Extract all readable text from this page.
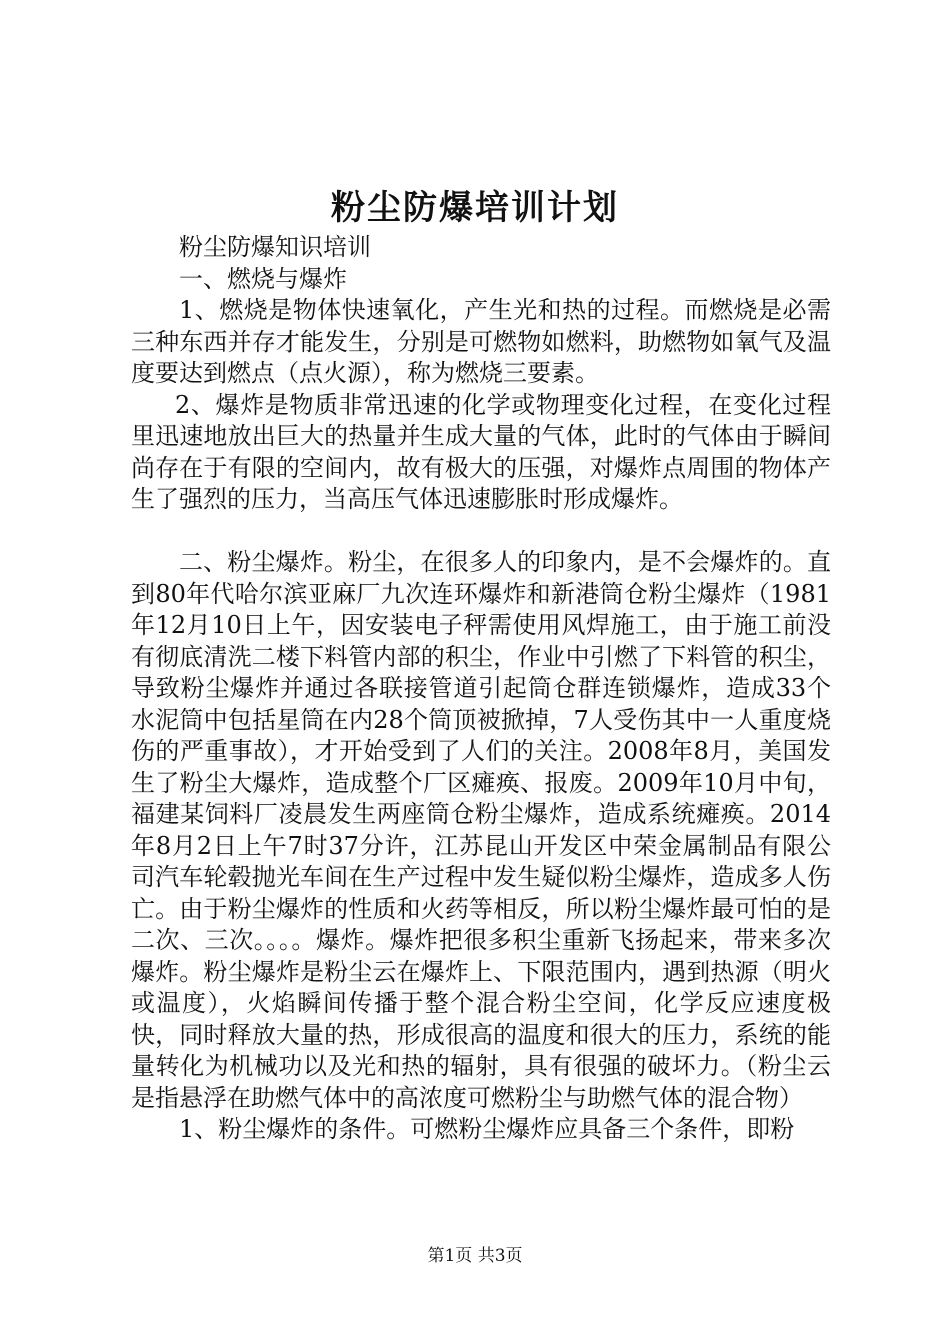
粉尘防爆培训计划

粉尘防爆知识培训

一、燃烧与爆炸

1、燃烧是物体快速氧化，产生光和热的过程。而燃烧是必需三种东西并存才能发生，分别是可燃物如燃料，助燃物如氧气及温度要达到燃点（点火源），称为燃烧三要素。

2、爆炸是物质非常迅速的化学或物理变化过程，在变化过程里迅速地放出巨大的热量并生成大量的气体，此时的气体由于瞬间尚存在于有限的空间内，故有极大的压强，对爆炸点周围的物体产生了强烈的压力，当高压气体迅速膨胀时形成爆炸。

二、粉尘爆炸。粉尘，在很多人的印象内，是不会爆炸的。直到80年代哈尔滨亚麻厂九次连环爆炸和新港筒仓粉尘爆炸（1981年12月10日上午，因安装电子秤需使用风焊施工，由于施工前没有彻底清洗二楼下料管内部的积尘，作业中引燃了下料管的积尘，导致粉尘爆炸并通过各联接管道引起筒仓群连锁爆炸，造成33个水泥筒中包括星筒在内28个筒顶被掀掉，7人受伤其中一人重度烧伤的严重事故），才开始受到了人们的关注。2008年8月，美国发生了粉尘大爆炸，造成整个厂区瘫痪、报废。2009年10月中旬，福建某饲料厂凌晨发生两座筒仓粉尘爆炸，造成系统瘫痪。2014年8月2日上午7时37分许，江苏昆山开发区中荣金属制品有限公司汽车轮毂抛光车间在生产过程中发生疑似粉尘爆炸，造成多人伤亡。由于粉尘爆炸的性质和火药等相反，所以粉尘爆炸最可怕的是二次、三次。。。。爆炸。爆炸把很多积尘重新飞扬起来，带来多次爆炸。粉尘爆炸是粉尘云在爆炸上、下限范围内，遇到热源（明火或温度），火焰瞬间传播于整个混合粉尘空间，化学反应速度极快，同时释放大量的热，形成很高的温度和很大的压力，系统的能量转化为机械功以及光和热的辐射，具有很强的破坏力。（粉尘云是指悬浮在助燃气体中的高浓度可燃粉尘与助燃气体的混合物）

1、粉尘爆炸的条件。可燃粉尘爆炸应具备三个条件，即粉

第1页 共3页
